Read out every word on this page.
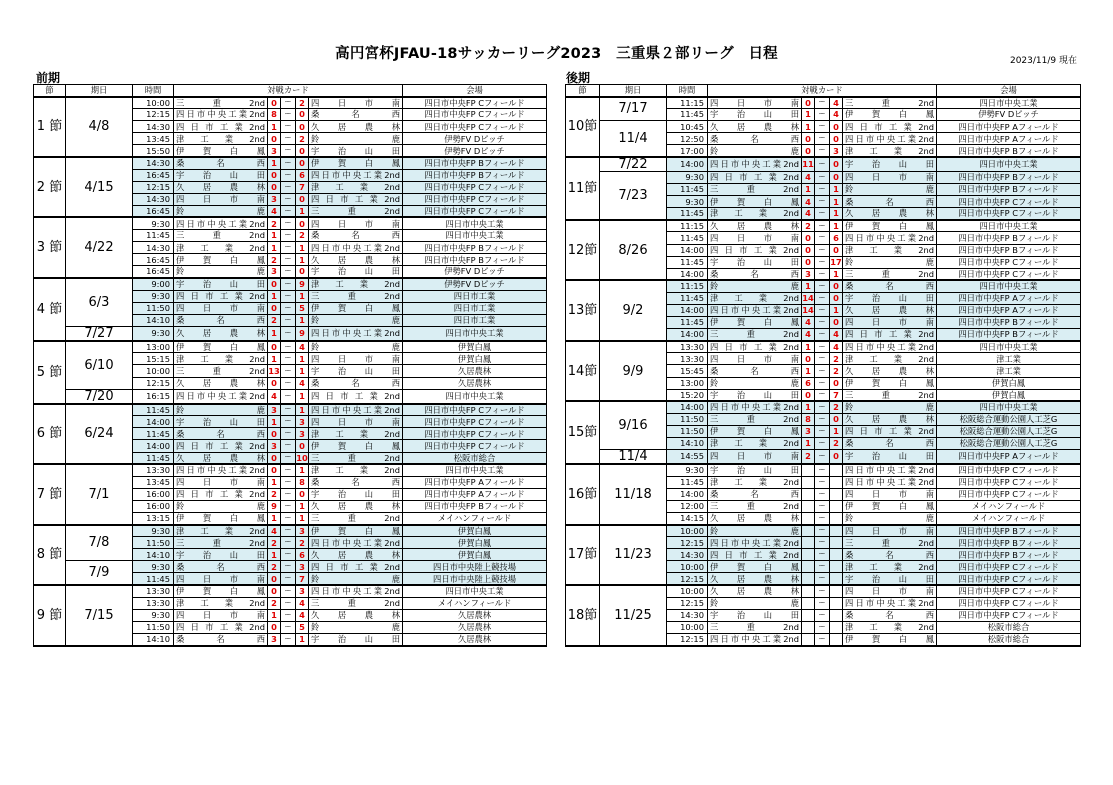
高円宮杯JFAU-18サッカーリーグ2023　三重県２部リーグ　日程	2023/11/9 現在
前期	後期
節	期日	時間	対戦カード					会場
1 節	4/8	10:00	三 重 2nd	0	ー	2	四 日 市 南	四日市中央FP Cフィールド
		12:15	四日市中央工業2nd	8	ー	0	桑 名 西	四日市中央FP Cフィールド
		14:30	四 日 市 工 業 2nd	1	ー	0	久 居 農 林	四日市中央FP Cフィールド
		13:45	津 工 業 2nd	0	ー	2	鈴 鹿	伊勢FV Dピッチ
		15:50	伊 賀 白 鳳	3	ー	0	宇 治 山 田	伊勢FV Dピッチ
2 節	4/15	14:30	桑 名 西	1	ー	0	伊 賀 白 鳳	四日市中央FP Bフィールド
		16:45	宇 治 山 田	0	ー	6	四日市中央工業2nd	四日市中央FP Bフィールド
		12:15	久 居 農 林	0	ー	7	津 工 業 2nd	四日市中央FP Cフィールド
		14:30	四 日 市 南	3	ー	0	四 日 市 工 業 2nd	四日市中央FP Cフィールド
		16:45	鈴 鹿	4	ー	1	三 重 2nd	四日市中央FP Cフィールド
3 節	4/22	9:30	四日市中央工業2nd	2	ー	0	四 日 市 南	四日市中央工業
		11:45	三 重 2nd	1	ー	2	桑 名 西	四日市中央工業
		14:30	津 工 業 2nd	1	ー	1	四日市中央工業2nd	四日市中央FP Bフィールド
		16:45	伊 賀 白 鳳	2	ー	1	久 居 農 林	四日市中央FP Bフィールド
		16:45	鈴 鹿	3	ー	0	宇 治 山 田	伊勢FV Dピッチ
4 節	6/3	9:00	宇 治 山 田	0	ー	9	津 工 業 2nd	伊勢FV Dピッチ
		9:30	四 日 市 工 業 2nd	1	ー	1	三 重 2nd	四日市工業
		11:50	四 日 市 南	0	ー	5	伊 賀 白 鳳	四日市工業
		14:10	桑 名 西	2	ー	1	鈴 鹿	四日市工業
	7/27	9:30	久 居 農 林	1	ー	9	四日市中央工業2nd	四日市中央工業
5 節	6/10	13:00	伊 賀 白 鳳	0	ー	4	鈴 鹿	伊賀白鳳
		15:15	津 工 業 2nd	1	ー	1	四 日 市 南	伊賀白鳳
		10:00	三 重 2nd	13	ー	1	宇 治 山 田	久居農林
		12:15	久 居 農 林	0	ー	4	桑 名 西	久居農林
	7/20	16:15	四日市中央工業2nd	4	ー	1	四 日 市 工 業 2nd	四日市中央工業
6 節	6/24	11:45	鈴 鹿	3	ー	1	四日市中央工業2nd	四日市中央FP Cフィールド
		14:00	宇 治 山 田	1	ー	3	四 日 市 南	四日市中央FP Cフィールド
		11:45	桑 名 西	0	ー	3	津 工 業 2nd	四日市中央FP Cフィールド
		14:00	四 日 市 工 業 2nd	3	ー	0	伊 賀 白 鳳	四日市中央FP Cフィールド
		11:45	久 居 農 林	0	ー	10	三 重 2nd	松阪市総合
7 節	7/1	13:30	四日市中央工業2nd	0	ー	1	津 工 業 2nd	四日市中央工業
		13:45	四 日 市 南	1	ー	8	桑 名 西	四日市中央FP Aフィールド
		16:00	四 日 市 工 業 2nd	2	ー	0	宇 治 山 田	四日市中央FP Aフィールド
		16:00	鈴 鹿	9	ー	1	久 居 農 林	四日市中央FP Bフィールド
		13:15	伊 賀 白 鳳	1	ー	1	三 重 2nd	メイハンフィールド
8 節	7/8	9:30	津 工 業 2nd	4	ー	3	伊 賀 白 鳳	伊賀白鳳
		11:50	三 重 2nd	2	ー	2	四日市中央工業2nd	伊賀白鳳
		14:10	宇 治 山 田	1	ー	6	久 居 農 林	伊賀白鳳
	7/9	9:30	桑 名 西	2	ー	3	四 日 市 工 業 2nd	四日市中央陸上競技場
		11:45	四 日 市 南	0	ー	7	鈴 鹿	四日市中央陸上競技場
9 節	7/15	13:30	伊 賀 白 鳳	0	ー	3	四日市中央工業2nd	四日市中央工業
		13:30	津 工 業 2nd	2	ー	4	三 重 2nd	メイハンフィールド
		9:30	四 日 市 南	1	ー	4	久 居 農 林	久居農林
		11:50	四 日 市 工 業 2nd	0	ー	5	鈴 鹿	久居農林
		14:10	桑 名 西	3	ー	1	宇 治 山 田	久居農林
節	期日	時間	対戦カード					会場
10節	7/17	11:15	四 日 市 南	0	ー	4	三 重 2nd	四日市中央工業
		11:45	宇 治 山 田	1	ー	4	伊 賀 白 鳳	伊勢FV Dピッチ
	11/4	10:45	久 居 農 林	1	ー	0	四 日 市 工 業 2nd	四日市中央FP Aフィールド
		12:50	桑 名 西	0	ー	0	四日市中央工業2nd	四日市中央FP Aフィールド
		17:00	鈴 鹿	0	ー	3	津 工 業 2nd	四日市中央FP Bフィールド
11節	7/22	14:00	四日市中央工業2nd	11	ー	0	宇 治 山 田	四日市中央工業
	7/23	9:30	四 日 市 工 業 2nd	4	ー	0	四 日 市 南	四日市中央FP Bフィールド
		11:45	三 重 2nd	1	ー	1	鈴 鹿	四日市中央FP Bフィールド
		9:30	伊 賀 白 鳳	4	ー	1	桑 名 西	四日市中央FP Cフィールド
		11:45	津 工 業 2nd	4	ー	1	久 居 農 林	四日市中央FP Cフィールド
12節	8/26	11:15	久 居 農 林	2	ー	1	伊 賀 白 鳳	四日市中央工業
		11:45	四 日 市 南	0	ー	6	四日市中央工業2nd	四日市中央FP Bフィールド
		14:00	四 日 市 工 業 2nd	0	ー	0	津 工 業 2nd	四日市中央FP Bフィールド
		11:45	宇 治 山 田	0	ー	17	鈴 鹿	四日市中央FP Cフィールド
		14:00	桑 名 西	3	ー	1	三 重 2nd	四日市中央FP Cフィールド
13節	9/2	11:15	鈴 鹿	1	ー	0	桑 名 西	四日市中央工業
		11:45	津 工 業 2nd	14	ー	0	宇 治 山 田	四日市中央FP Aフィールド
		14:00	四日市中央工業2nd	14	ー	1	久 居 農 林	四日市中央FP Aフィールド
		11:45	伊 賀 白 鳳	4	ー	0	四 日 市 南	四日市中央FP Bフィールド
		14:00	三 重 2nd	4	ー	4	四 日 市 工 業 2nd	四日市中央FP Bフィールド
14節	9/9	13:30	四 日 市 工 業 2nd	1	ー	4	四日市中央工業2nd	四日市中央工業
		13:30	四 日 市 南	0	ー	2	津 工 業 2nd	津工業
		15:45	桑 名 西	1	ー	2	久 居 農 林	津工業
		13:00	鈴 鹿	6	ー	0	伊 賀 白 鳳	伊賀白鳳
		15:20	宇 治 山 田	0	ー	7	三 重 2nd	伊賀白鳳
15節	9/16	14:00	四日市中央工業2nd	1	ー	2	鈴 鹿	四日市中央工業
		11:50	三 重 2nd	8	ー	0	久 居 農 林	松阪総合運動公園人工芝G
		11:50	伊 賀 白 鳳	3	ー	1	四 日 市 工 業 2nd	松阪総合運動公園人工芝G
		14:10	津 工 業 2nd	1	ー	2	桑 名 西	松阪総合運動公園人工芝G
	11/4	14:55	四 日 市 南	2	ー	0	宇 治 山 田	四日市中央FP Aフィールド
16節	11/18	9:30	宇 治 山 田		ー		四日市中央工業2nd	四日市中央FP Cフィールド
		11:45	津 工 業 2nd		ー		四日市中央工業2nd	四日市中央FP Cフィールド
		14:00	桑 名 西		ー		四 日 市 南	四日市中央FP Cフィールド
		12:00	三 重 2nd		ー		伊 賀 白 鳳	メイハンフィールド
		14:15	久 居 農 林		ー		鈴 鹿	メイハンフィールド
17節	11/23	10:00	鈴 鹿		ー		四 日 市 南	四日市中央FP Bフィールド
		12:15	四日市中央工業2nd		ー		三 重 2nd	四日市中央FP Bフィールド
		14:30	四 日 市 工 業 2nd		ー		桑 名 西	四日市中央FP Bフィールド
		10:00	伊 賀 白 鳳		ー		津 工 業 2nd	四日市中央FP Cフィールド
		12:15	久 居 農 林		ー		宇 治 山 田	四日市中央FP Cフィールド
18節	11/25	10:00	久 居 農 林		ー		四 日 市 南	四日市中央FP Cフィールド
		12:15	鈴 鹿		ー		四日市中央工業2nd	四日市中央FP Cフィールド
		14:30	宇 治 山 田		ー		桑 名 西	四日市中央FP Cフィールド
		10:00	三 重 2nd		ー		津 工 業 2nd	松阪市総合
		12:15	四日市中央工業2nd		ー		伊 賀 白 鳳	松阪市総合
